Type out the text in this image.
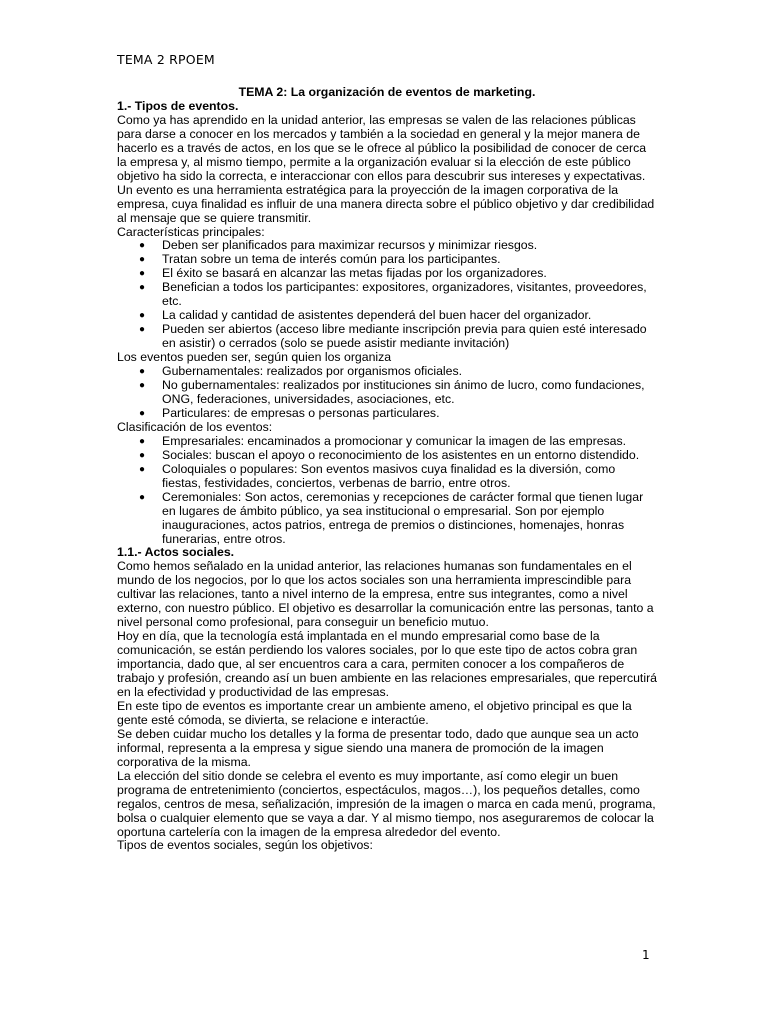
TEMA 2 RPOEM
TEMA 2: La organización de eventos de marketing.
1.- Tipos de eventos.

Como ya has aprendido en la unidad anterior, las empresas se valen de las relaciones públicas para darse a conocer en los mercados y también a la sociedad en general y la mejor manera de hacerlo es a través de actos, en los que se le ofrece al público la posibilidad de conocer de cerca la empresa y, al mismo tiempo, permite a la organización evaluar si la elección de este público objetivo ha sido la correcta, e interaccionar con ellos para descubrir sus intereses y expectativas.

Un evento es una herramienta estratégica para la proyección de la imagen corporativa de la empresa, cuya finalidad es influir de una manera directa sobre el público objetivo y dar credibilidad al mensaje que se quiere transmitir.

Características principales:

● Deben ser planificados para maximizar recursos y minimizar riesgos.
● Tratan sobre un tema de interés común para los participantes.
● El éxito se basará en alcanzar las metas fijadas por los organizadores.
● Benefician a todos los participantes: expositores, organizadores, visitantes, proveedores, etc.
● La calidad y cantidad de asistentes dependerá del buen hacer del organizador.
● Pueden ser abiertos (acceso libre mediante inscripción previa para quien esté interesado en asistir) o cerrados (solo se puede asistir mediante invitación)

Los eventos pueden ser, según quien los organiza

● Gubernamentales: realizados por organismos oficiales.
● No gubernamentales: realizados por instituciones sin ánimo de lucro, como fundaciones, ONG, federaciones, universidades, asociaciones, etc.
● Particulares: de empresas o personas particulares.

Clasificación de los eventos:

● Empresariales: encaminados a promocionar y comunicar la imagen de las empresas.
● Sociales: buscan el apoyo o reconocimiento de los asistentes en un entorno distendido.
● Coloquiales o populares: Son eventos masivos cuya finalidad es la diversión, como fiestas, festividades, conciertos, verbenas de barrio, entre otros.
● Ceremoniales: Son actos, ceremonias y recepciones de carácter formal que tienen lugar en lugares de ámbito público, ya sea institucional o empresarial. Son por ejemplo inauguraciones, actos patrios, entrega de premios o distinciones, homenajes, honras funerarias, entre otros.
1.1.- Actos sociales.

Como hemos señalado en la unidad anterior, las relaciones humanas son fundamentales en el mundo de los negocios, por lo que los actos sociales son una herramienta imprescindible para cultivar las relaciones, tanto a nivel interno de la empresa, entre sus integrantes, como a nivel externo, con nuestro público. El objetivo es desarrollar la comunicación entre las personas, tanto a nivel personal como profesional, para conseguir un beneficio mutuo.

Hoy en día, que la tecnología está implantada en el mundo empresarial como base de la comunicación, se están perdiendo los valores sociales, por lo que este tipo de actos cobra gran importancia, dado que, al ser encuentros cara a cara, permiten conocer a los compañeros de trabajo y profesión, creando así un buen ambiente en las relaciones empresariales, que repercutirá en la efectividad y productividad de las empresas.

En este tipo de eventos es importante crear un ambiente ameno, el objetivo principal es que la gente esté cómoda, se divierta, se relacione e interactúe.

Se deben cuidar mucho los detalles y la forma de presentar todo, dado que aunque sea un acto informal, representa a la empresa y sigue siendo una manera de promoción de la imagen corporativa de la misma.

La elección del sitio donde se celebra el evento es muy importante, así como elegir un buen programa de entretenimiento (conciertos, espectáculos, magos…), los pequeños detalles, como regalos, centros de mesa, señalización, impresión de la imagen o marca en cada menú, programa, bolsa o cualquier elemento que se vaya a dar. Y al mismo tiempo, nos aseguraremos de colocar la oportuna cartelería con la imagen de la empresa alrededor del evento.

Tipos de eventos sociales, según los objetivos:

1
